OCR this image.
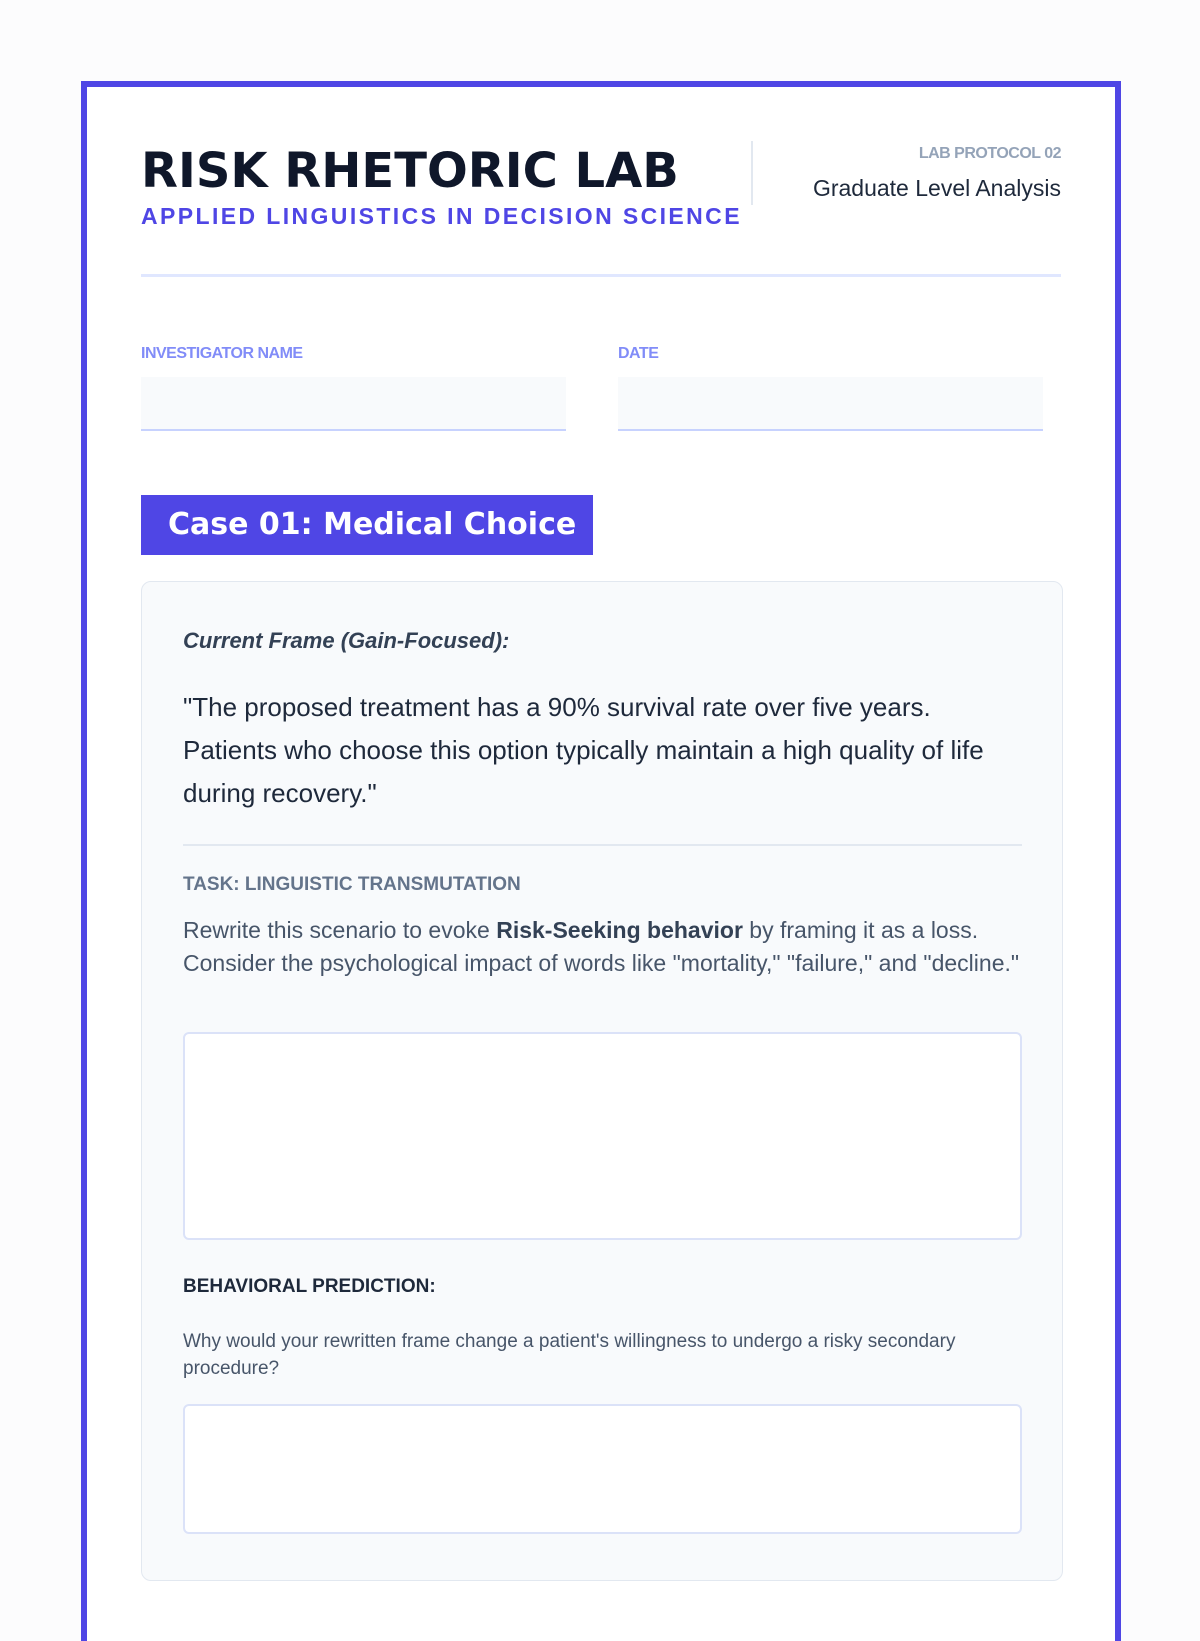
RISK RHETORIC LAB
APPLIED LINGUISTICS IN DECISION SCIENCE
LAB PROTOCOL 02
Graduate Level Analysis
INVESTIGATOR NAME	DATE
Case 01: Medical Choice
Current Frame (Gain-Focused):
"The proposed treatment has a 90% survival rate over five years. Patients who choose this option typically maintain a high quality of life during recovery."
TASK: LINGUISTIC TRANSMUTATION
Rewrite this scenario to evoke Risk-Seeking behavior by framing it as a loss. Consider the psychological impact of words like "mortality," "failure," and "decline."
BEHAVIORAL PREDICTION:
Why would your rewritten frame change a patient's willingness to undergo a risky secondary procedure?
